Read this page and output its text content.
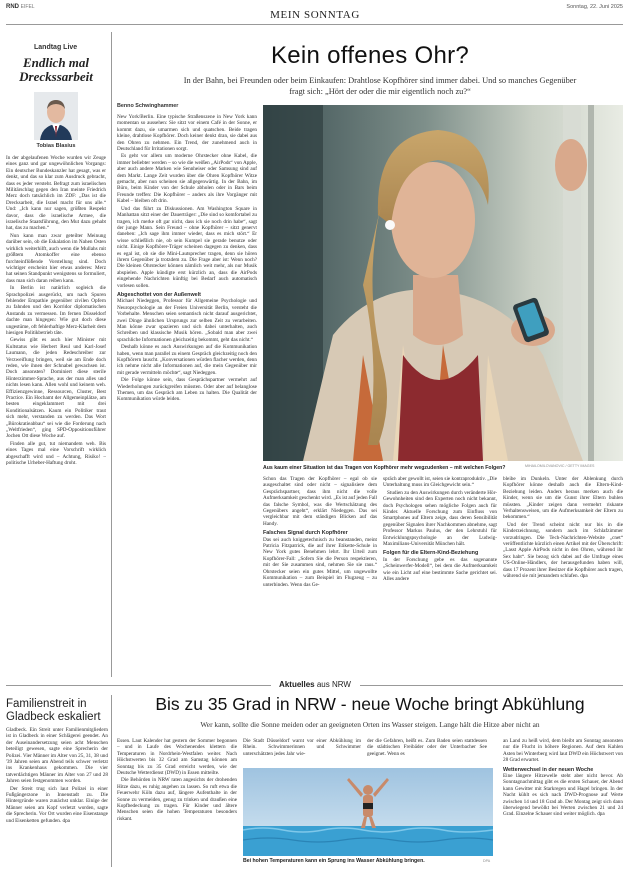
RND EIFEL
MEIN SONNTAG
Sonntag, 22. Juni 2025
Landtag Live
Endlich mal Dreckssarbeit
Tobias Blasius

In der abgelaufenen Woche wurden wir Zeuge eines ganz und gar ungewöhnlichen Vorgangs: Ein deutscher Bundeskanzler hat gesagt, was er denkt, und das so klar zum Ausdruck gebracht, dass es jeder versteht. Befragt zum israelischen Militärschlag gegen den Iran meinte Friedrich Merz doch tatsächlich im ZDF: „Das ist die Drecksarbeit, die Israel macht für uns alle.“ Und: „Ich kann nur sagen, größten Respekt davor, dass die israelische Armee, die israelische Staatsführung, den Mut dazu gehabt hat, das zu machen.“

Nun kann man zwar geteilter Meinung darüber sein, ob die Eskalation im Nahen Osten wirklich weiterhilft, auch wenn die Mullahs mit größtem Atomkoffer eine ebenso furchteinflößende Vorstellung sind. Doch wichtiger erscheint hier etwas anderes: Merz hat seinen Standpunkt wenigstens so formuliert, dass man sich daran reiben kann.

In Berlin ist natürlich sogleich die Sprachpolizei ausgerückt, um nach Spuren fehlender Empathie gegenüber zivilen Opfern zu fahnden und den Korridor diplomatischen Anstands zu vermessen. Im fernen Düsseldorf dachte man hingegen: Wie gut doch diese ungestüme, oft fehlerhaftige Merz-Klarheit dem hiesigen Politikbetrieb täte.

Gewiss gibt es auch hier Minister mit Kultstatus wie Herbert Reul und Karl-Josef Laumann, die jeden Redeschreiber zur Verzweiflung bringen, weil sie am Ende doch reden, wie ihnen der Schnabel gewachsen ist. Doch ansonsten? Dominiert diese sterile Hinterzimmer-Sprache, aus der man alles und nichts lesen kann. Allen wohl und keinem weh. Effizienzgewinne, Ressourcen, Cluster, Best Practice. Ein Hochamt der Allgemeinplätze, am besten eingeklammert mit drei Konditionalsätzen. Kaum ein Politiker traut sich mehr, verstanden zu werden. Das Wort „Bürokratieabbau“ sei wie die Forderung nach „Weltfrieden“, ging SPD-Oppositionsführer Jochen Ott diese Woche auf.

Finden alle gut, tut niemandem weh. Bis eines Tages mal eine Vorschrift wirklich abgeschafft wird und – Achtung, Risiko! – politische Urheber-Haftung droht.

Kein offenes Ohr?
In der Bahn, bei Freunden oder beim Einkaufen: Drahtlose Kopfhörer sind immer dabei. Und so manches Gegenüber fragt sich: „Hört der oder die mir eigentlich noch zu?“
Benno Schwinghammer

New York/Berlin. Eine typische Straßenszene in New York kann momentan so aussehen: Sie sitzt vor einem Café in der Sonne, er kommt dazu, sie umarmen sich und quatschen. Beide tragen kleine, drahtlose Kopfhörer. Doch keiner denkt dran, sie dabei aus den Ohren zu nehmen. Ein Trend, der zunehmend auch in Deutschland für Irritationen sorgt.

Es geht vor allem um moderne Ohrstecker ohne Kabel, die immer beliebter werden – so wie die weißen „AirPods“ von Apple, aber auch andere Marken wie Sennheiser oder Samsung sind auf dem Markt. Lange Zeit wurden über die Ohren Kopfhörer Witze gemacht, aber nun scheinen sie allgegenwärtig. In der Bahn, im Büro, beim Kinder von der Schule abholen oder in Bars beim Freunde treffen: Die Kopfhörer – anders als ihre Vorgänger mit Kabel – bleiben oft drin.

Und das führt zu Diskussionen. Am Washington Square in Manhattan sitzt einer der Dauerträger: „Die sind so komfortabel zu tragen, ich merke oft gar nicht, dass ich sie noch drin habe“, sagt der junge Mann. Sein Freund – ohne Kopfhörer – sitzt genervt daneben: „Ich sage ihm immer wieder, dass es mich stört.“ Er wisse schließlich nie, ob sein Kumpel sie gerade benutze oder nicht. Einige Kopfhörer-Träger scheinen dagegen zu denken, dass es egal ist, ob sie die Mini-Lautsprecher tragen, denn sie hören ihrem Gegenüber ja trotzdem zu. Die Frage aber ist: Wenn noch? Die kleinen Ohrstecker können nämlich weit mehr, als nur Musik abspielen. Apple kündigte erst kürzlich an, dass die AirPods eingehende Nachrichten künftig bei Bedarf auch automatisch vorlesen sollen.

Abgeschottet von der Außenwelt

Michael Niedeggen, Professor für Allgemeine Psychologie und Neuropsychologie an der Freien Universität Berlin, versteht die Vorbehalte. Menschen seien semantisch nicht darauf ausgerichtet, zwei Dinge ähnlichen Ursprungs zur selben Zeit zu verarbeiten. Man könne zwar spazieren und sich dabei unterhalten, auch Schreiben und klassische Musik hören. „Sobald man aber zwei sprachliche Informationen gleichzeitig bekommt, geht das nicht.“

Deshalb könne es auch Auswirkungen auf die Kommunikation haben, wenn man parallel zu einem Gespräch gleichzeitig noch den Kopfhörern lauscht. „Konversationen würden flacher werden, denn ich nehme nicht alle Informationen auf, die mein Gegenüber mir mit gerade vermitteln möchte“, sagt Niedeggen.

Die Folge könne sein, dass Gesprächspartner vermehrt auf Wiederholungen zurückgreifen müssten. Oder aber auf belanglose Themen, um das Gespräch am Leben zu halten. Die Qualität der Kommunikation würde leiden.

MIHAILOMILOVANOVIC / GETTY IMAGES
Aus kaum einer Situation ist das Tragen von Kopfhörer mehr wegzudenken – mit welchen Folgen?

Schon das Tragen der Kopfhörer – egal ob sie ausgeschaltet sind oder nicht – signalisiere dem Gesprächspartner, dass ihm nicht die volle Aufmerksamkeit geschenkt wird. „Es ist auf jeden Fall das falsche Symbol, was die Wertschätzung des Gegenübers angeht“, erklärt Niedeggen. Das sei vergleichbar mit dem ständigen Blicken auf das Handy.

Falsches Signal durch Kopfhörer

Das sei auch kniggetechnisch zu beanstanden, meint Patricia Fitzpatrick, die auf ihrer Etikette-Schule in New York gutes Benehmen lehrt. Ihr Urteil zum Kopfhörer-Fall: „Sofern Sie die Person respektieren, mit der Sie zusammen sind, nehmen Sie sie raus.“ Ohrstecker seien ein gutes Mittel, um ungewollte Kommunikation – zum Beispiel im Flugzeug – zu unterbinden. Wenn das Ge-

spräch aber gewollt ist, seien sie kontraproduktiv. „Die Unterhaltung muss im Gleichgewicht sein.“

Studien zu den Auswirkungen durch veränderte Hör-Gewohnheiten sind den Experten noch nicht bekannt, doch Psychologen sehen mögliche Folgen auch für Kinder. Aktuelle Forschung zum Einfluss von Smartphones auf Eltern zeige, dass deren Sensibilität gegenüber Signalen ihrer Nachkommen abnehme, sagt Professor Markus Paulus, der den Lehrstuhl für Entwicklungspsychologie an der Ludwig-Maximilians-Universität München hält.

Folgen für die Eltern-Kind-Beziehung

In der Forschung gebe es das sogenannte „Scheinwerfer-Modell“, bei dem die Aufmerksamkeit wie ein Licht auf eine bestimmte Sache gerichtet sei. Alles andere

bleibe im Dunkeln. Unter der Ablenkung durch Kopfhörer könne deshalb auch die Eltern-Kind-Beziehung leiden. Anders heraus merken auch die Kinder, wenn sie um die Gunst ihrer Eltern buhlen müssten. „Kinder zeigen dann vermehrt riskante Verhaltensweisen, um die Aufmerksamkeit der Eltern zu bekommen.“

Und der Trend scheint nicht nur bis in die Kinderzeichnung, sondern auch im Schlafzimmer vorzudringen. Die Tech-Nachrichten-Website „cnet“ veröffentlichte kürzlich einen Artikel mit der Überschrift: „Lasst Apple AirPods nicht in den Ohren, während ihr Sex habt“. Sie bezog sich dabei auf die Umfrage eines US-Online-Händlers, der herausgefunden haben will, dass 17 Prozent ihrer Besitzer die Kopfhörer auch tragen, während sie mit jemandem schlafen. dpa

Aktuelles aus NRW
Familienstreit in Gladbeck eskaliert

Gladbeck. Ein Streit unter Familienmitgliedern ist in Gladbeck in einer Schlägerei geendet. An der Auseinandersetzung seien acht Menschen beteiligt gewesen, sagte eine Sprecherin der Polizei. Vier Männer im Alter von 25, 31, 38 und '39 Jahren seien am Abend teils schwer verletzt ins Krankenhaus gekommen. Die vier tatverdächtigen Männer im Alter von 27 und 28 Jahren seien festgenommen worden.

Der Streit trug sich laut Polizei in einer Fußgängerzone in Innenstadt zu. Die Hintergründe waren zunächst unklar. Einige der Männer seien am Kopf verletzt worden, sagte die Sprecherin. Vor Ort wurden eine Eisenstange und Eisenketten gefunden. dpa

Bis zu 35 Grad in NRW - neue Woche bringt Abkühlung
Wer kann, sollte die Sonne meiden oder an geeigneten Orten ins Wasser steigen. Lange hält die Hitze aber nicht an

Essen. Laut Kalender hat gestern der Sommer begonnen – und in Laufe des Wochenendes klettern die Temperaturen in Nordrhein-Westfalen weiter. Nach Höchstwerten bis 32 Grad am Samstag können am Sonntag bis zu 35 Grad erreicht werden, wie der Deutsche Wetterdienst (DWD) in Essen mitteilte.

Die Behörden in NRW raten angesichts der drohenden Hitze dazu, es ruhig angehen zu lassen. So ruft etwa die Feuerwehr Köln dazu auf, längere Aufenthalte in der Sonne zu vermeiden, genug zu trinken und draußen eine Kopfbedeckung zu tragen. Für Kinder und ältere Menschen seien die hohen Temperaturen besonders riskant.

Die Stadt Düsseldorf warnt vor einer Abkühlung im Rhein. Schwimmerinnen und Schwimmer unterschätzten jedes Jahr wie-

der die Gefahren, heißt es. Zum Baden seien stattdessen die städtischen Freibäder oder der Unterbacher See geeignet. Wenn es

Bei hohen Temperaturen kann ein Sprung ins Wasser Abkühlung bringen.	DPA

an Land zu heiß wird, dem bleibt am Sonntag ansonsten nur die Flucht in höhere Regionen. Auf dem Kahlen Asten bei Winterberg wird laut DWD ein Höchstwert von 28 Grad erwartet.

Wetterwechsel in der neuen Woche

Eine längere Hitzewelle steht aber nicht bevor. Ab Sonntagnachmittag gibt es die ersten Schauer, der Abend kann Gewitter mit Starkregen und Hagel bringen. In der Nacht kühlt es sich nach DWD-Prognose auf Werte zwischen 14 und 18 Grad ab. Der Montag zeigt sich dann überwiegend bewölkt bei Werten zwischen 21 und 24 Grad. Einzelne Schauer sind weiter möglich. dpa
